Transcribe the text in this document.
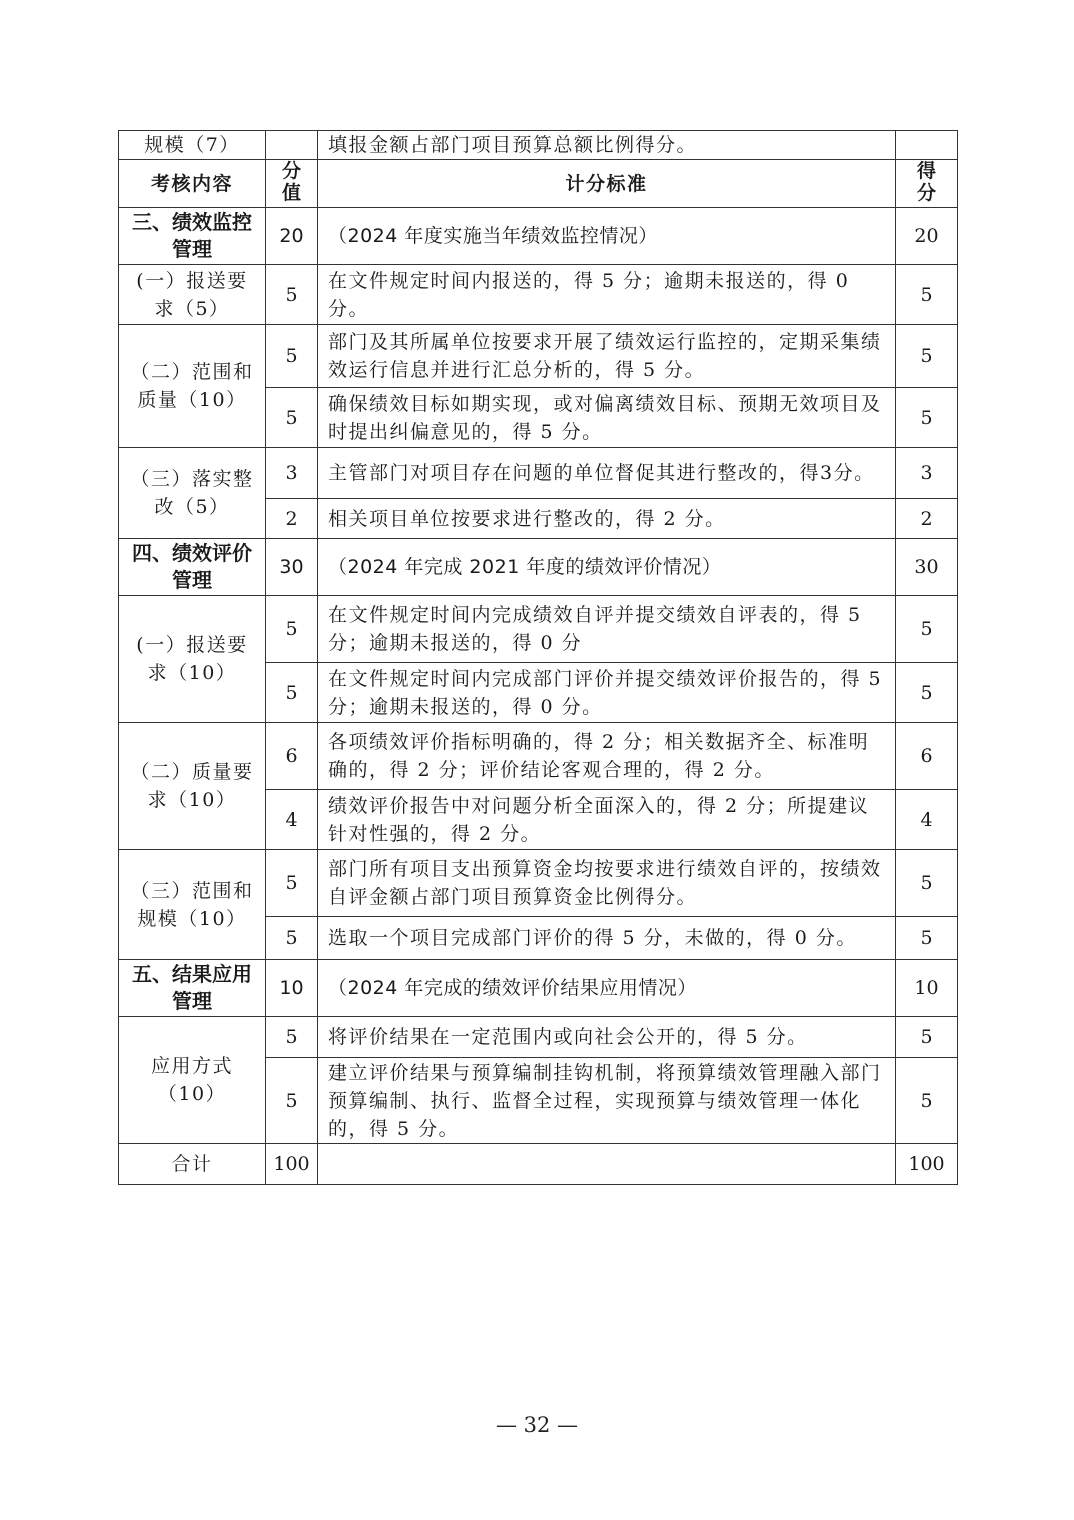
规模（7）		填报金额占部门项目预算总额比例得分。	
考核内容	分值	计分标准	得分
三、绩效监控管理	20	（2024 年度实施当年绩效监控情况）	20
(一）报送要求（5）	5	在文件规定时间内报送的，得 5 分；逾期未报送的，得 0 分。	5
（二）范围和质量（10）	5	部门及其所属单位按要求开展了绩效运行监控的，定期采集绩效运行信息并进行汇总分析的，得 5 分。	5
	5	确保绩效目标如期实现，或对偏离绩效目标、预期无效项目及时提出纠偏意见的，得 5 分。	5
（三）落实整改（5）	3	主管部门对项目存在问题的单位督促其进行整改的，得3分。	3
	2	相关项目单位按要求进行整改的，得 2 分。	2
四、绩效评价管理	30	（2024 年完成 2021 年度的绩效评价情况）	30
(一）报送要求（10）	5	在文件规定时间内完成绩效自评并提交绩效自评表的，得 5 分；逾期未报送的，得 0 分	5
	5	在文件规定时间内完成部门评价并提交绩效评价报告的，得 5 分；逾期未报送的，得 0 分。	5
（二）质量要求（10）	6	各项绩效评价指标明确的，得 2 分；相关数据齐全、标准明确的，得 2 分；评价结论客观合理的，得 2 分。	6
	4	绩效评价报告中对问题分析全面深入的，得 2 分；所提建议针对性强的，得 2 分。	4
（三）范围和规模（10）	5	部门所有项目支出预算资金均按要求进行绩效自评的，按绩效自评金额占部门项目预算资金比例得分。	5
	5	选取一个项目完成部门评价的得 5 分，未做的，得 0 分。	5
五、结果应用管理	10	（2024 年完成的绩效评价结果应用情况）	10
应用方式（10）	5	将评价结果在一定范围内或向社会公开的，得 5 分。	5
	5	建立评价结果与预算编制挂钩机制，将预算绩效管理融入部门预算编制、执行、监督全过程，实现预算与绩效管理一体化的，得 5 分。	5
合计	100		100
— 32 —
